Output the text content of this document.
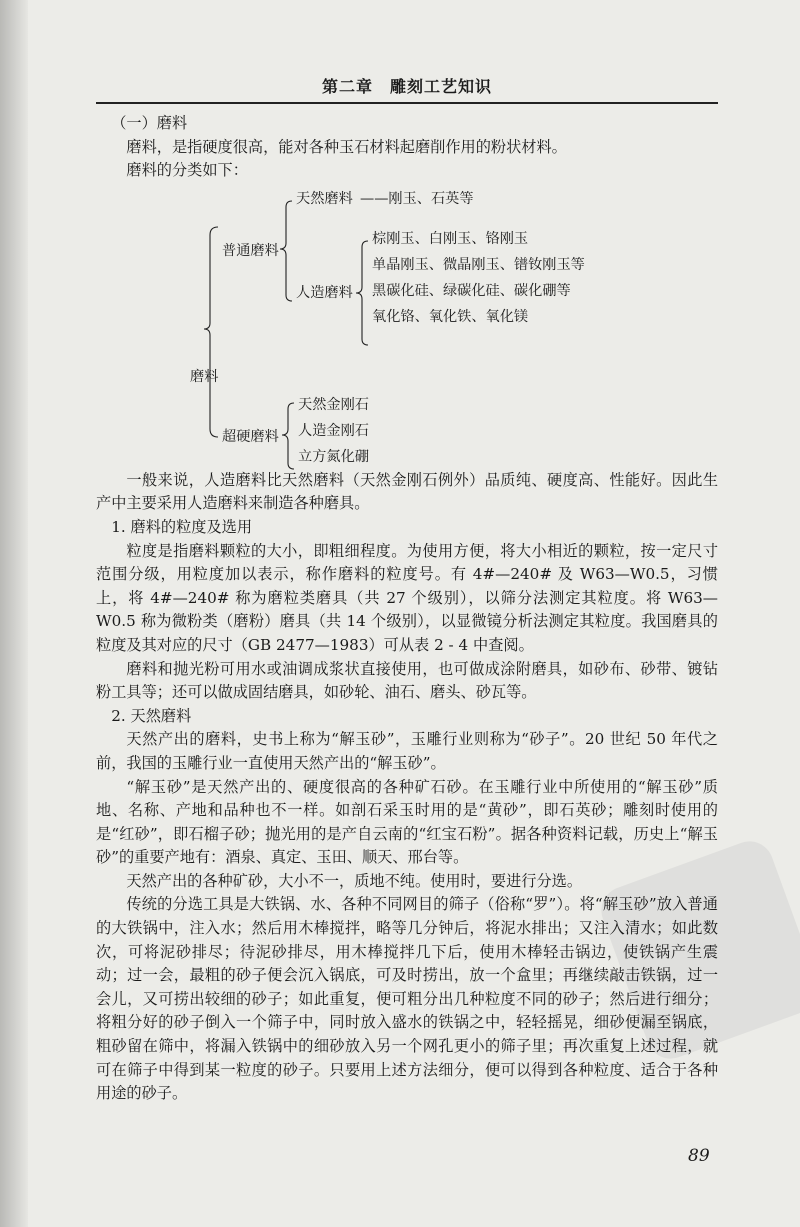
第二章　雕刻工艺知识

（一）磨料

磨料，是指硬度很高，能对各种玉石材料起磨削作用的粉状材料。

磨料的分类如下：

磨料
普通磨料
天然磨料 ——刚玉、石英等
人造磨料
棕刚玉、白刚玉、铬刚玉
单晶刚玉、微晶刚玉、镨钕刚玉等
黑碳化硅、绿碳化硅、碳化硼等
氧化铬、氧化铁、氧化镁
超硬磨料
天然金刚石
人造金刚石
立方氮化硼

一般来说，人造磨料比天然磨料（天然金刚石例外）品质纯、硬度高、性能好。因此生产中主要采用人造磨料来制造各种磨具。

1. 磨料的粒度及选用

粒度是指磨料颗粒的大小，即粗细程度。为使用方便，将大小相近的颗粒，按一定尺寸范围分级，用粒度加以表示，称作磨料的粒度号。有 4#—240# 及 W63—W0.5，习惯上，将 4#—240# 称为磨粒类磨具（共 27 个级别），以筛分法测定其粒度。将 W63—W0.5 称为微粉类（磨粉）磨具（共 14 个级别），以显微镜分析法测定其粒度。我国磨具的粒度及其对应的尺寸（GB 2477—1983）可从表 2 - 4 中查阅。

磨料和抛光粉可用水或油调成浆状直接使用，也可做成涂附磨具，如砂布、砂带、镀钻粉工具等；还可以做成固结磨具，如砂轮、油石、磨头、砂瓦等。

2. 天然磨料

天然产出的磨料，史书上称为“解玉砂”，玉雕行业则称为“砂子”。20 世纪 50 年代之前，我国的玉雕行业一直使用天然产出的“解玉砂”。

“解玉砂”是天然产出的、硬度很高的各种矿石砂。在玉雕行业中所使用的“解玉砂”质地、名称、产地和品种也不一样。如剖石采玉时用的是“黄砂”，即石英砂；雕刻时使用的是“红砂”，即石榴子砂；抛光用的是产自云南的“红宝石粉”。据各种资料记载，历史上“解玉砂”的重要产地有：酒泉、真定、玉田、顺天、邢台等。

天然产出的各种矿砂，大小不一，质地不纯。使用时，要进行分选。

传统的分选工具是大铁锅、水、各种不同网目的筛子（俗称“罗”）。将“解玉砂”放入普通的大铁锅中，注入水；然后用木棒搅拌，略等几分钟后，将泥水排出；又注入清水；如此数次，可将泥砂排尽；待泥砂排尽，用木棒搅拌几下后，使用木棒轻击锅边，使铁锅产生震动；过一会，最粗的砂子便会沉入锅底，可及时捞出，放一个盒里；再继续敲击铁锅，过一会儿，又可捞出较细的砂子；如此重复，便可粗分出几种粒度不同的砂子；然后进行细分；将粗分好的砂子倒入一个筛子中，同时放入盛水的铁锅之中，轻轻摇晃，细砂便漏至锅底，粗砂留在筛中，将漏入铁锅中的细砂放入另一个网孔更小的筛子里；再次重复上述过程，就可在筛子中得到某一粒度的砂子。只要用上述方法细分，便可以得到各种粒度、适合于各种用途的砂子。

89
